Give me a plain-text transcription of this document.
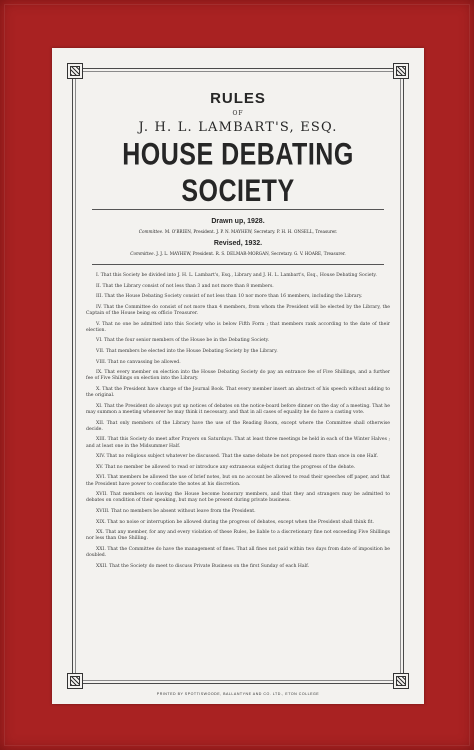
RULES
OF
J. H. L. LAMBART'S, ESQ.
HOUSE DEBATING SOCIETY
Drawn up, 1928.
Committee. M. O'BRIEN, President. J. P. N. MAYHEW, Secretary. P. H. H. ONSELL, Treasurer.
Revised, 1932.
Committee. J. J. L. MAYHEW, President. R. S. DELMAR-MORGAN, Secretary. G. V. HOARE, Treasurer.
I. That this Society be divided into J. H. L. Lambart's, Esq., Library and J. H. L. Lambart's, Esq., House Debating Society.
II. That the Library consist of not less than 3 and not more than 8 members.
III. That the House Debating Society consist of not less than 10 nor more than 16 members, including the Library.
IV. That the Committee do consist of not more than 4 members, from whom the President will be elected by the Library, the Captain of the House being ex officio Treasurer.
V. That no one be admitted into this Society who is below Fifth Form ; that members rank according to the date of their election.
VI. That the four senior members of the House be in the Debating Society.
VII. That members be elected into the House Debating Society by the Library.
VIII. That no canvassing be allowed.
IX. That every member on election into the House Debating Society do pay an entrance fee of Five Shillings, and a further fee of Five Shillings on election into the Library.
X. That the President have charge of the Journal Book. That every member insert an abstract of his speech without adding to the original.
XI. That the President do always put up notices of debates on the notice-board before dinner on the day of a meeting. That he may summon a meeting whenever he may think it necessary, and that in all cases of equality he do have a casting vote.
XII. That only members of the Library have the use of the Reading Room, except where the Committee shall otherwise decide.
XIII. That this Society do meet after Prayers on Saturdays. That at least three meetings be held in each of the Winter Halves ; and at least one in the Midsummer Half.
XIV. That no religious subject whatever be discussed. That the same debate be not proposed more than once in one Half.
XV. That no member be allowed to read or introduce any extraneous subject during the progress of the debate.
XVI. That members be allowed the use of brief notes, but on no account be allowed to read their speeches off paper, and that the President have power to confiscate the notes at his discretion.
XVII. That members on leaving the House become honorary members, and that they and strangers may be admitted to debates on condition of their speaking, but may not be present during private business.
XVIII. That no members be absent without leave from the President.
XIX. That no noise or interruption be allowed during the progress of debates, except when the President shall think fit.
XX. That any member, for any and every violation of these Rules, be liable to a discretionary fine not exceeding Five Shillings nor less than One Shilling.
XXI. That the Committee do have the management of fines. That all fines not paid within two days from date of imposition be doubled.
XXII. That the Society do meet to discuss Private Business on the first Sunday of each Half.
PRINTED BY SPOTTISWOODE, BALLANTYNE AND CO. LTD., ETON COLLEGE
